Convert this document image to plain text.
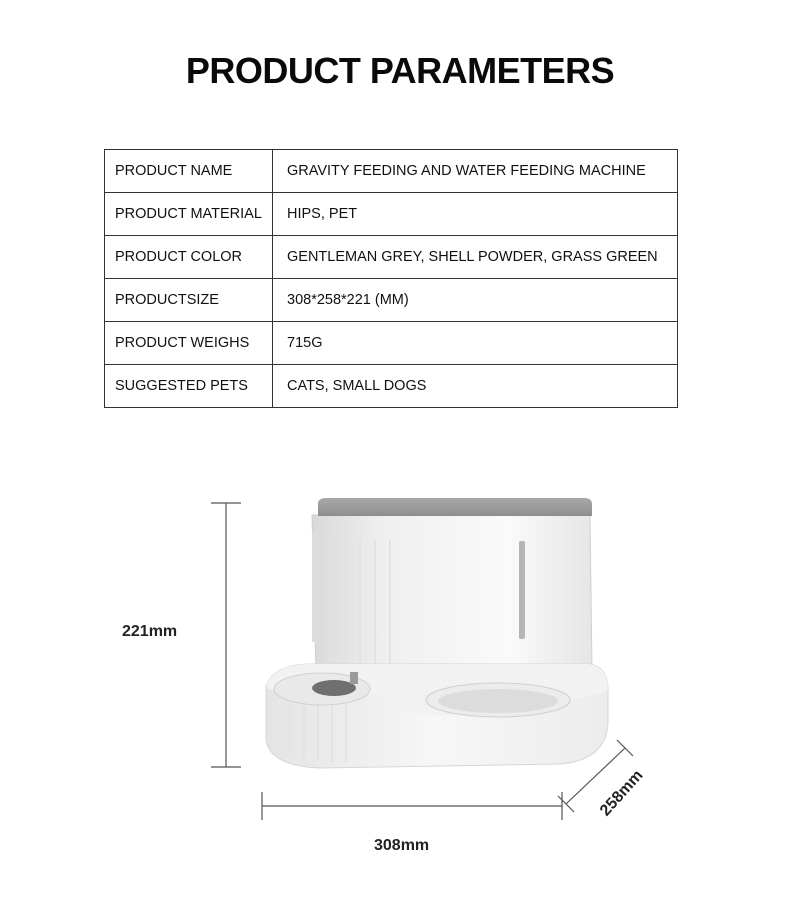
PRODUCT PARAMETERS
PRODUCT NAME	GRAVITY FEEDING AND WATER FEEDING MACHINE
PRODUCT MATERIAL	HIPS, PET
PRODUCT COLOR	GENTLEMAN GREY, SHELL POWDER, GRASS GREEN
PRODUCTSIZE	308*258*221 (MM)
PRODUCT WEIGHS	715G
SUGGESTED PETS	CATS, SMALL DOGS
221mm
308mm
258mm
